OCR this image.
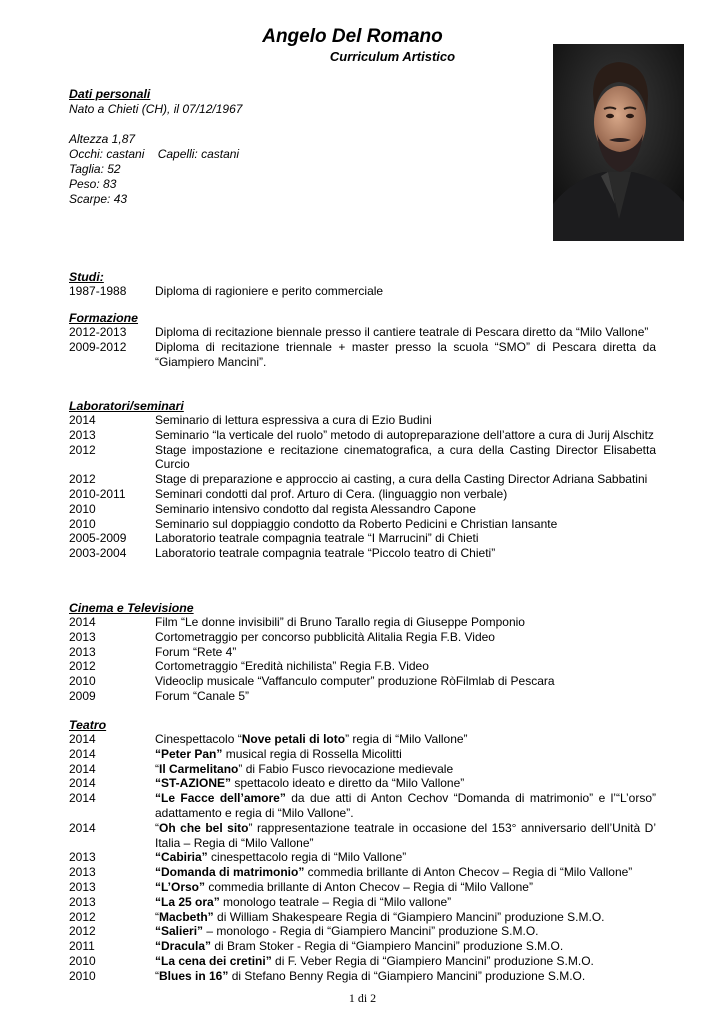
Angelo Del Romano
Curriculum Artistico
Dati personali
Nato a Chieti (CH), il 07/12/1967
Altezza 1,87
Occhi: castani Capelli: castani
Taglia: 52
Peso: 83
Scarpe: 43
Studi:
1987-1988	Diploma di ragioniere e perito commerciale
Formazione
2012-2013	Diploma di recitazione biennale presso il cantiere teatrale di Pescara diretto da “Milo Vallone”
2009-2012	Diploma di recitazione triennale + master presso la scuola “SMO” di Pescara diretta da “Giampiero Mancini”.
Laboratori/seminari
2014	Seminario di lettura espressiva a cura di Ezio Budini
2013	Seminario “la verticale del ruolo” metodo di autopreparazione dell’attore a cura di Jurij Alschitz
2012	Stage impostazione e recitazione cinematografica, a cura della Casting Director Elisabetta Curcio
2012	Stage di preparazione e approccio ai casting, a cura della Casting Director Adriana Sabbatini
2010-2011	Seminari condotti dal prof. Arturo di Cera. (linguaggio non verbale)
2010	Seminario intensivo condotto dal regista Alessandro Capone
2010	Seminario sul doppiaggio condotto da Roberto Pedicini e Christian Iansante
2005-2009	Laboratorio teatrale compagnia teatrale “I Marrucini” di Chieti
2003-2004	Laboratorio teatrale compagnia teatrale “Piccolo teatro di Chieti”
Cinema e Televisione
2014	Film “Le donne invisibili” di Bruno Tarallo regia di Giuseppe Pomponio
2013	Cortometraggio per concorso pubblicità Alitalia Regia F.B. Video
2013	Forum “Rete 4”
2012	Cortometraggio “Eredità nichilista” Regia F.B. Video
2010	Videoclip musicale “Vaffanculo computer” produzione RòFilmlab di Pescara
2009	Forum “Canale 5”
Teatro
2014	Cinespettacolo “Nove petali di loto” regia di “Milo Vallone”
2014	“Peter Pan” musical regia di Rossella Micolitti
2014	“Il Carmelitano” di Fabio Fusco rievocazione medievale
2014	“ST-AZIONE” spettacolo ideato e diretto da “Milo Vallone”
2014	“Le Facce dell’amore” da due atti di Anton Cechov “Domanda di matrimonio” e l’“L’orso” adattamento e regia di “Milo Vallone”.
2014	“Oh che bel sito” rappresentazione teatrale in occasione del 153° anniversario dell’Unità D’ Italia – Regia di “Milo Vallone”
2013	“Cabiria” cinespettacolo regia di “Milo Vallone”
2013	“Domanda di matrimonio” commedia brillante di Anton Checov – Regia di “Milo Vallone”
2013	“L’Orso” commedia brillante di Anton Checov – Regia di “Milo Vallone”
2013	“La 25 ora” monologo teatrale – Regia di “Milo vallone”
2012	“Macbeth” di William Shakespeare Regia di “Giampiero Mancini” produzione S.M.O.
2012	“Salieri” – monologo - Regia di “Giampiero Mancini” produzione S.M.O.
2011	“Dracula” di Bram Stoker - Regia di “Giampiero Mancini” produzione S.M.O.
2010	“La cena dei cretini” di F. Veber Regia di “Giampiero Mancini” produzione S.M.O.
2010	“Blues in 16” di Stefano Benny Regia di “Giampiero Mancini” produzione S.M.O.
1 di 2
